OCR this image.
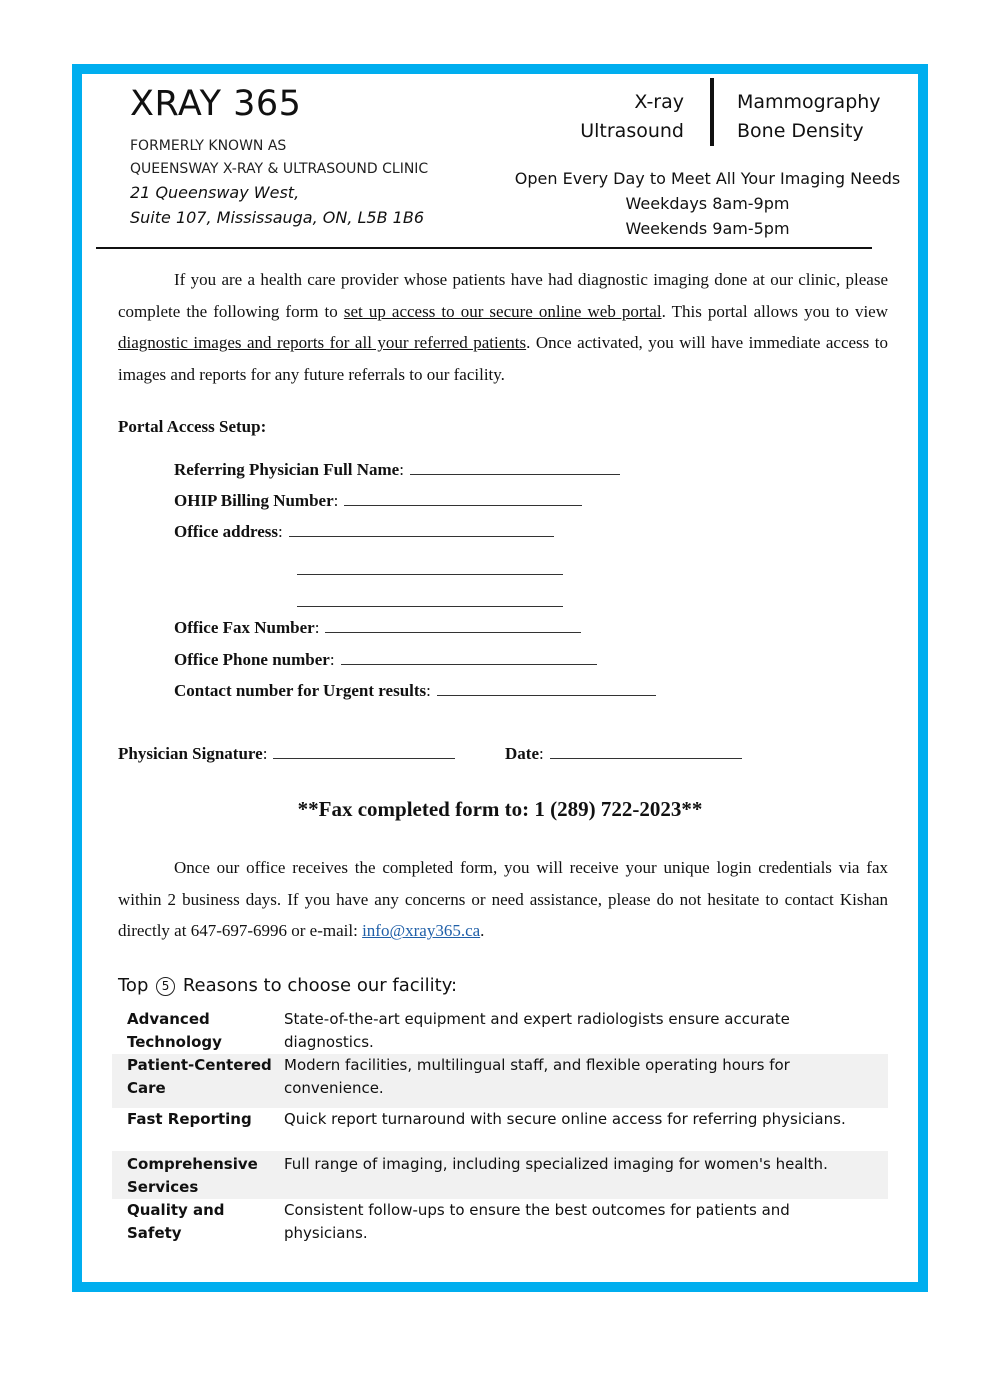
XRAY 365
FORMERLY KNOWN AS
QUEENSWAY X-RAY & ULTRASOUND CLINIC
21 Queensway West,
Suite 107, Mississauga, ON, L5B 1B6
X-ray
Ultrasound
Mammography
Bone Density
Open Every Day to Meet All Your Imaging Needs
Weekdays 8am-9pm
Weekends 9am-5pm
If you are a health care provider whose patients have had diagnostic imaging done at our clinic, please complete the following form to set up access to our secure online web portal. This portal allows you to view diagnostic images and reports for all your referred patients. Once activated, you will have immediate access to images and reports for any future referrals to our facility.
Portal Access Setup:
Referring Physician Full Name:
OHIP Billing Number:
Office address:
Office Fax Number:
Office Phone number:
Contact number for Urgent results:
Physician Signature:	Date:
**Fax completed form to: 1 (289) 722-2023**
Once our office receives the completed form, you will receive your unique login credentials via fax within 2 business days. If you have any concerns or need assistance, please do not hesitate to contact Kishan directly at 647-697-6996 or e-mail: info@xray365.ca.
Top 5 Reasons to choose our facility:
Advanced Technology
State-of-the-art equipment and expert radiologists ensure accurate diagnostics.
Patient-Centered Care
Modern facilities, multilingual staff, and flexible operating hours for convenience.
Fast Reporting	Quick report turnaround with secure online access for referring physicians.
Comprehensive Services
Full range of imaging, including specialized imaging for women's health.
Quality and Safety
Consistent follow-ups to ensure the best outcomes for patients and physicians.
